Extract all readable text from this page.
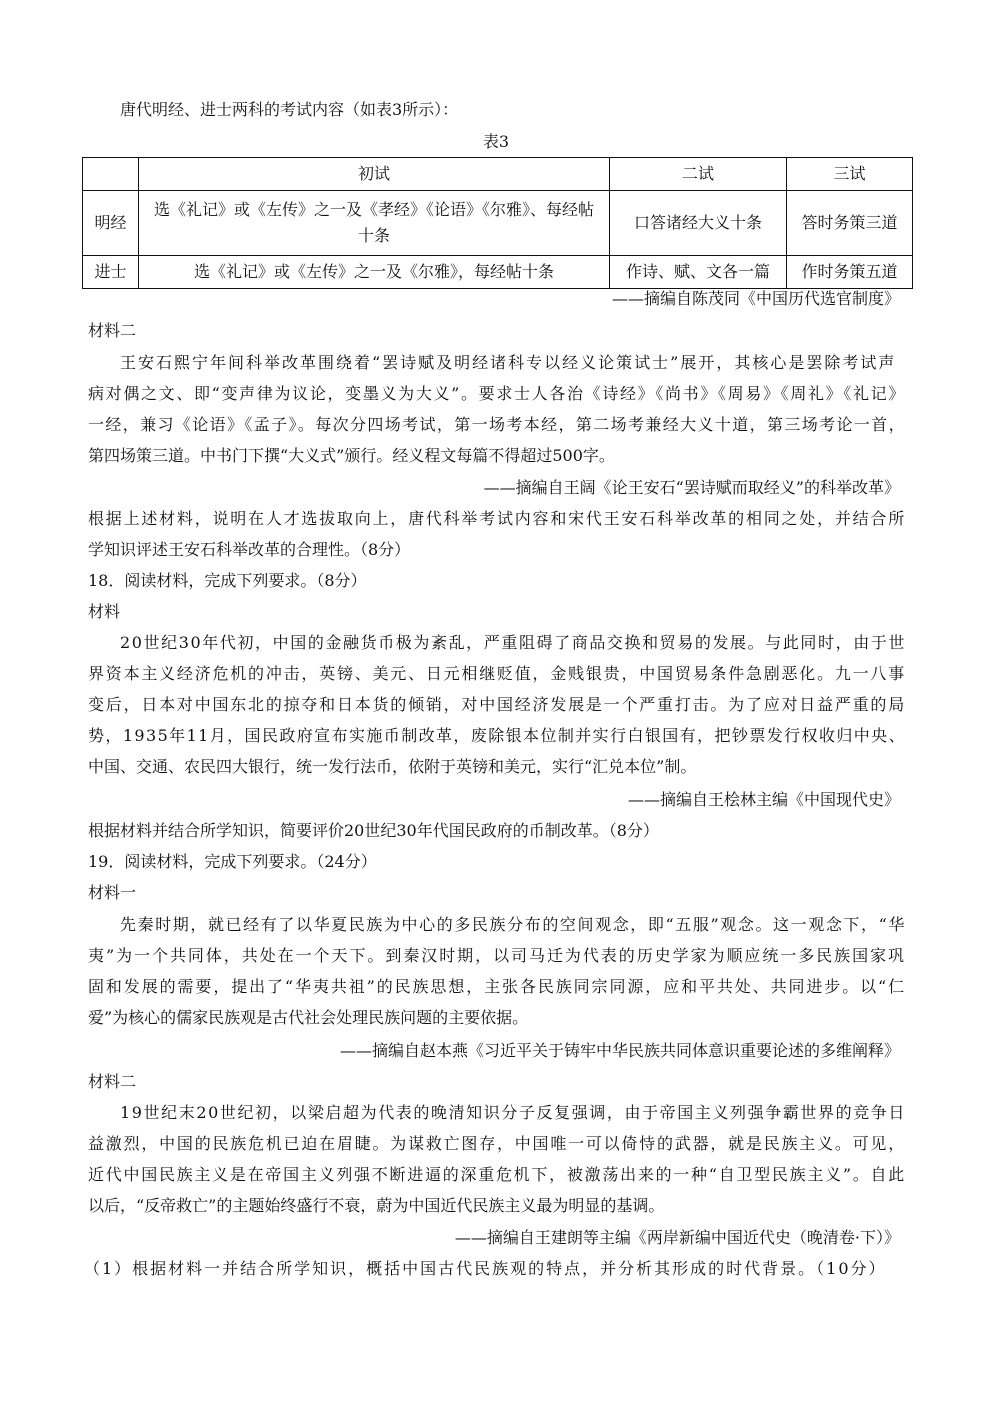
唐代明经、进士两科的考试内容（如表3所示）：
表3
	初试	二试	三试
明经	选《礼记》或《左传》之一及《孝经》《论语》《尔雅》、每经帖十条	口答诸经大义十条	答时务策三道
进士	选《礼记》或《左传》之一及《尔雅》，每经帖十条	作诗、赋、文各一篇	作时务策五道
——摘编自陈茂同《中国历代选官制度》
材料二
王安石熙宁年间科举改革围绕着“罢诗赋及明经诸科专以经义论策试士”展开，其核心是罢除考试声
病对偶之文、即“变声律为议论，变墨义为大义”。要求士人各治《诗经》《尚书》《周易》《周礼》《礼记》
一经，兼习《论语》《孟子》。每次分四场考试，第一场考本经，第二场考兼经大义十道，第三场考论一首，
第四场策三道。中书门下撰“大义式”颁行。经义程文每篇不得超过500字。
——摘编自王阔《论王安石“罢诗赋而取经义”的科举改革》
根据上述材料，说明在人才选拔取向上，唐代科举考试内容和宋代王安石科举改革的相同之处，并结合所
学知识评述王安石科举改革的合理性。（8分）
18．阅读材料，完成下列要求。（8分）
材料
20世纪30年代初，中国的金融货币极为紊乱，严重阻碍了商品交换和贸易的发展。与此同时，由于世
界资本主义经济危机的冲击，英镑、美元、日元相继贬值，金贱银贵，中国贸易条件急剧恶化。九一八事
变后，日本对中国东北的掠夺和日本货的倾销，对中国经济发展是一个严重打击。为了应对日益严重的局
势，1935年11月，国民政府宣布实施币制改革，废除银本位制并实行白银国有，把钞票发行权收归中央、
中国、交通、农民四大银行，统一发行法币，依附于英镑和美元，实行“汇兑本位”制。
——摘编自王桧林主编《中国现代史》
根据材料并结合所学知识，简要评价20世纪30年代国民政府的币制改革。（8分）
19．阅读材料，完成下列要求。（24分）
材料一
先秦时期，就已经有了以华夏民族为中心的多民族分布的空间观念，即“五服”观念。这一观念下，“华
夷”为一个共同体，共处在一个天下。到秦汉时期，以司马迁为代表的历史学家为顺应统一多民族国家巩
固和发展的需要，提出了“华夷共祖”的民族思想，主张各民族同宗同源，应和平共处、共同进步。以“仁
爱”为核心的儒家民族观是古代社会处理民族问题的主要依据。
——摘编自赵本燕《习近平关于铸牢中华民族共同体意识重要论述的多维阐释》
材料二
19世纪末20世纪初，以梁启超为代表的晚清知识分子反复强调，由于帝国主义列强争霸世界的竞争日
益激烈，中国的民族危机已迫在眉睫。为谋救亡图存，中国唯一可以倚恃的武器，就是民族主义。可见，
近代中国民族主义是在帝国主义列强不断进逼的深重危机下，被激荡出来的一种“自卫型民族主义”。自此
以后，“反帝救亡”的主题始终盛行不衰，蔚为中国近代民族主义最为明显的基调。
——摘编自王建朗等主编《两岸新编中国近代史（晚清卷·下）》
（1）根据材料一并结合所学知识，概括中国古代民族观的特点，并分析其形成的时代背景。（10分）
